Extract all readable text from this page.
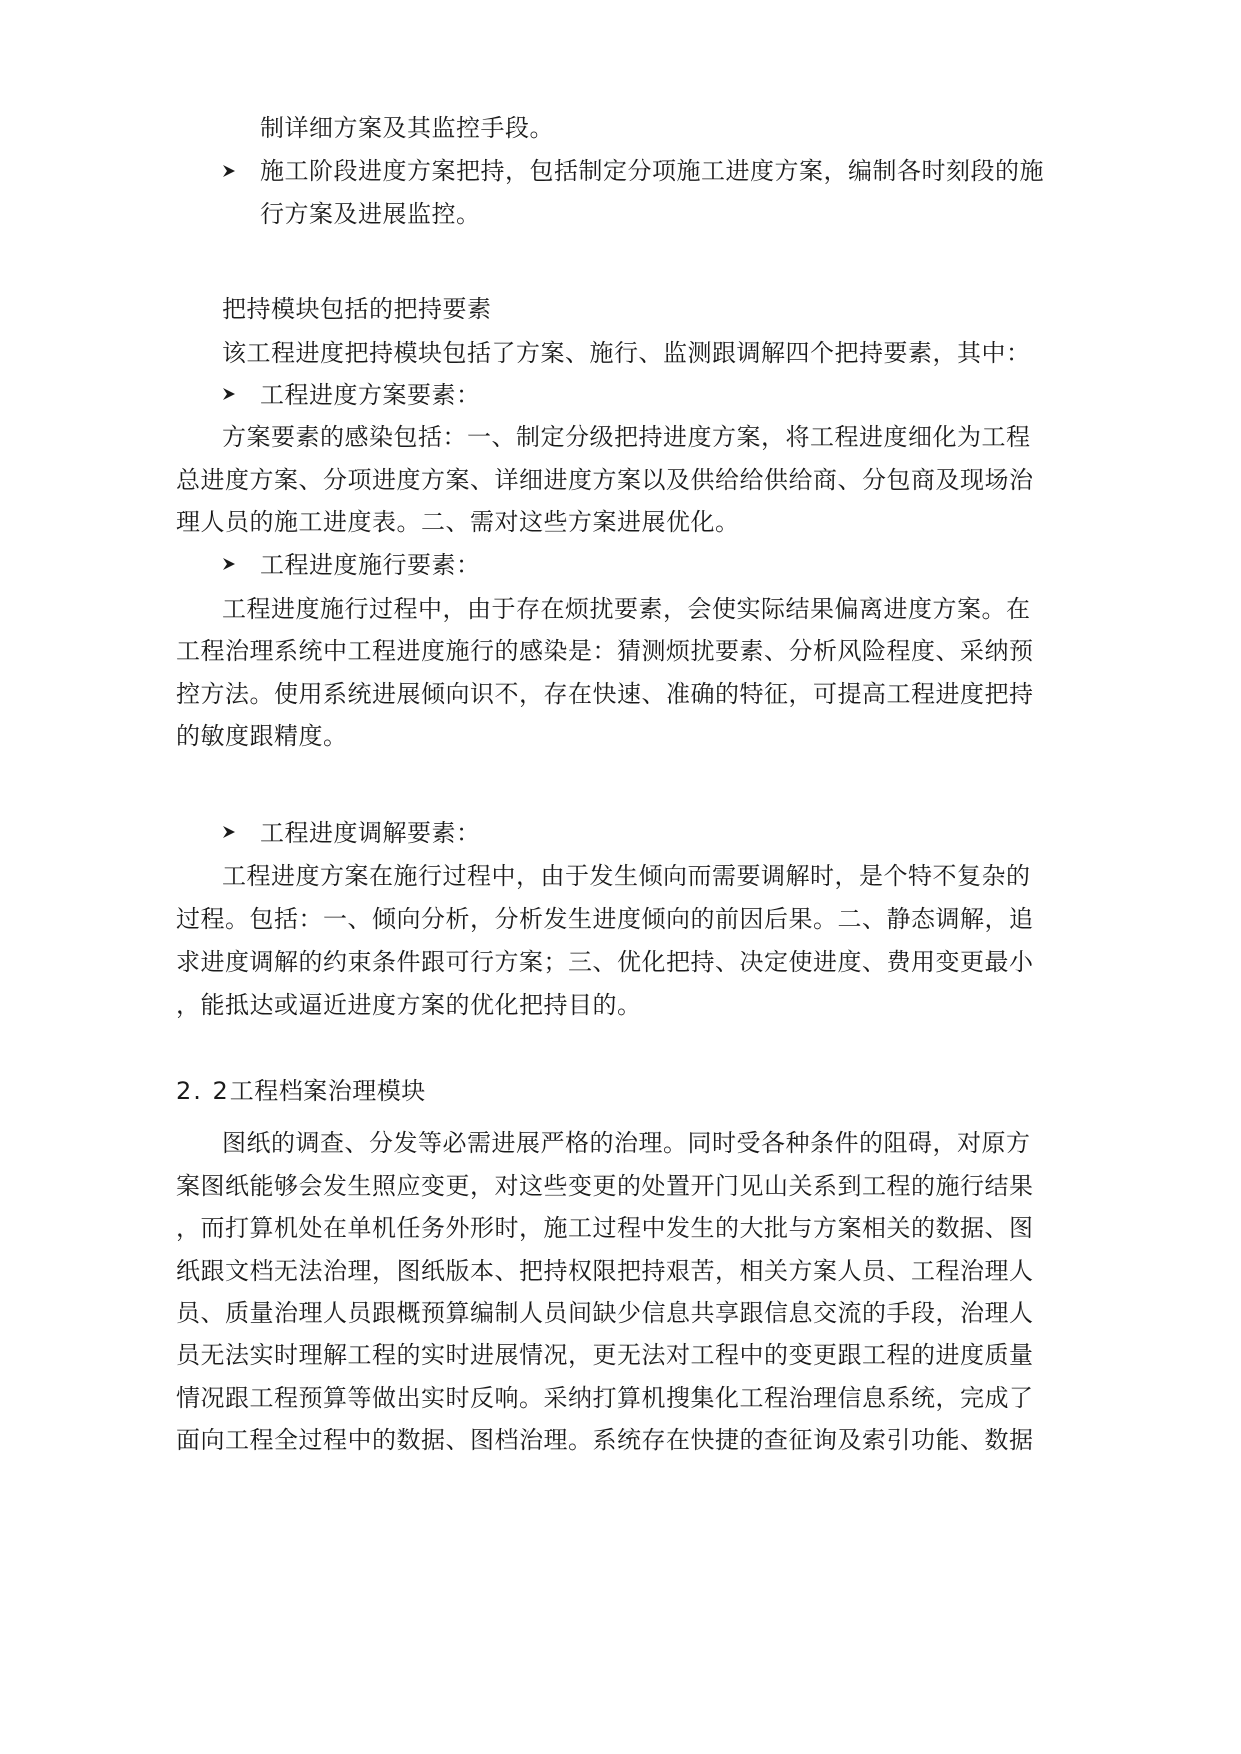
制详细方案及其监控手段。
施工阶段进度方案把持，包括制定分项施工进度方案，编制各时刻段的施
行方案及进展监控。
把持模块包括的把持要素
该工程进度把持模块包括了方案、施行、监测跟调解四个把持要素，其中：
工程进度方案要素：
方案要素的感染包括：一、制定分级把持进度方案，将工程进度细化为工程
总进度方案、分项进度方案、详细进度方案以及供给给供给商、分包商及现场治
理人员的施工进度表。二、需对这些方案进展优化。
工程进度施行要素：
工程进度施行过程中，由于存在烦扰要素，会使实际结果偏离进度方案。在
工程治理系统中工程进度施行的感染是：猜测烦扰要素、分析风险程度、采纳预
控方法。使用系统进展倾向识不，存在快速、准确的特征，可提高工程进度把持
的敏度跟精度。
工程进度调解要素：
工程进度方案在施行过程中，由于发生倾向而需要调解时，是个特不复杂的
过程。包括：一、倾向分析，分析发生进度倾向的前因后果。二、静态调解，追
求进度调解的约束条件跟可行方案；三、优化把持、决定使进度、费用变更最小
，能抵达或逼近进度方案的优化把持目的。
2. 2工程档案治理模块
图纸的调查、分发等必需进展严格的治理。同时受各种条件的阻碍，对原方
案图纸能够会发生照应变更，对这些变更的处置开门见山关系到工程的施行结果
，而打算机处在单机任务外形时，施工过程中发生的大批与方案相关的数据、图
纸跟文档无法治理，图纸版本、把持权限把持艰苦，相关方案人员、工程治理人
员、质量治理人员跟概预算编制人员间缺少信息共享跟信息交流的手段，治理人
员无法实时理解工程的实时进展情况，更无法对工程中的变更跟工程的进度质量
情况跟工程预算等做出实时反响。采纳打算机搜集化工程治理信息系统，完成了
面向工程全过程中的数据、图档治理。系统存在快捷的查征询及索引功能、数据
